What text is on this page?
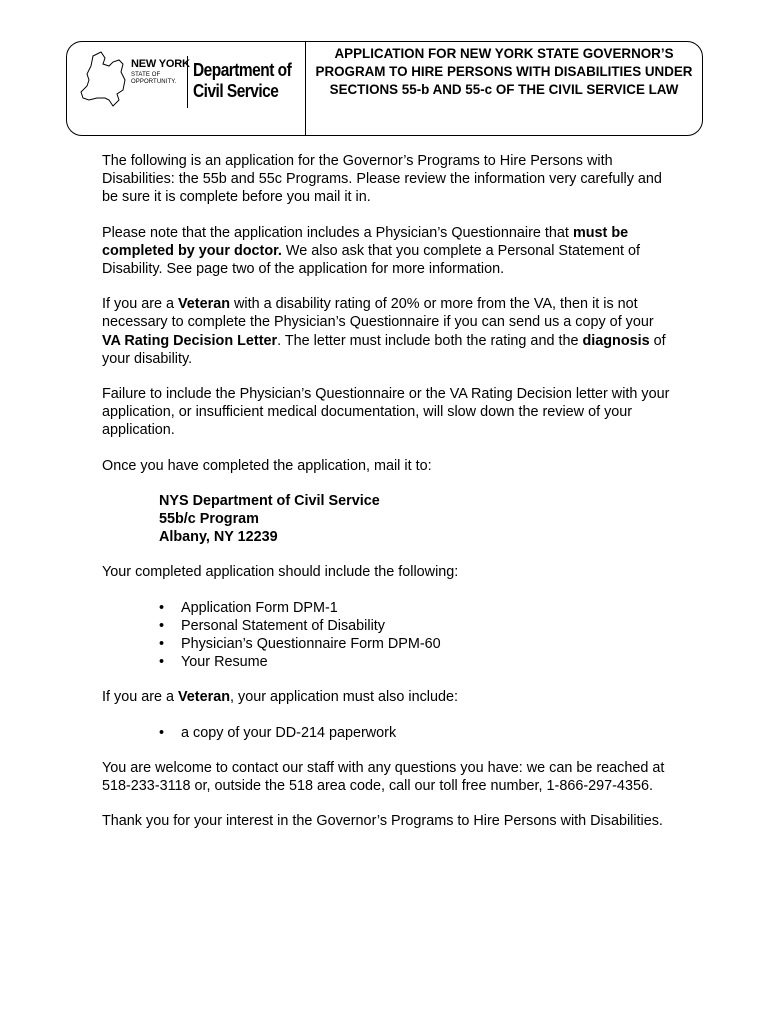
NEW YORK
STATE OF
OPPORTUNITY.
Department of
Civil Service
APPLICATION FOR NEW YORK STATE GOVERNOR’S PROGRAM TO HIRE PERSONS WITH DISABILITIES UNDER SECTIONS 55-b AND 55-c OF THE CIVIL SERVICE LAW

The following is an application for the Governor’s Programs to Hire Persons with Disabilities: the 55b and 55c Programs. Please review the information very carefully and be sure it is complete before you mail it in.

Please note that the application includes a Physician’s Questionnaire that must be completed by your doctor. We also ask that you complete a Personal Statement of Disability. See page two of the application for more information.

If you are a Veteran with a disability rating of 20% or more from the VA, then it is not necessary to complete the Physician’s Questionnaire if you can send us a copy of your VA Rating Decision Letter. The letter must include both the rating and the diagnosis of your disability.

Failure to include the Physician’s Questionnaire or the VA Rating Decision letter with your application, or insufficient medical documentation, will slow down the review of your application.

Once you have completed the application, mail it to:

NYS Department of Civil Service
55b/c Program
Albany, NY 12239

Your completed application should include the following:

• Application Form DPM-1
• Personal Statement of Disability
• Physician’s Questionnaire Form DPM-60
• Your Resume

If you are a Veteran, your application must also include:

• a copy of your DD-214 paperwork

You are welcome to contact our staff with any questions you have: we can be reached at 518-233-3118 or, outside the 518 area code, call our toll free number, 1-866-297-4356.

Thank you for your interest in the Governor’s Programs to Hire Persons with Disabilities.
